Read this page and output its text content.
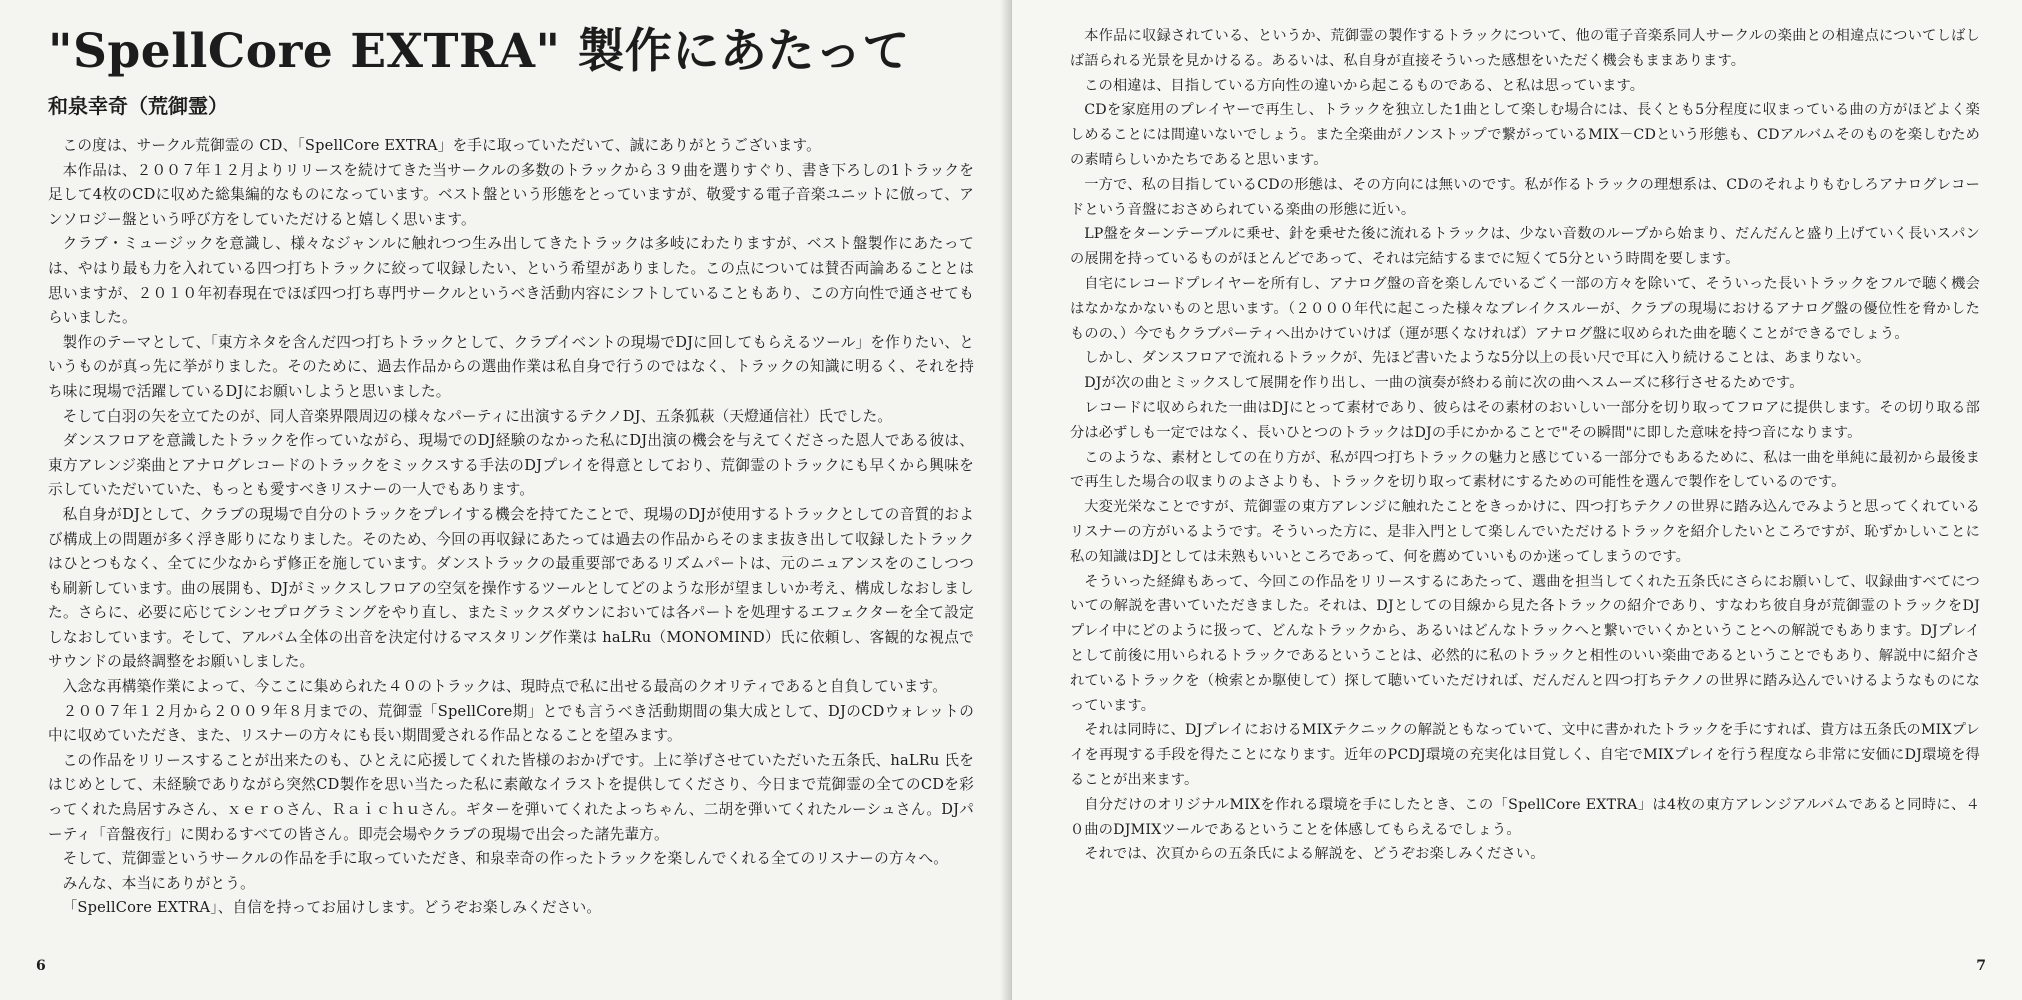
"SpellCore EXTRA" 製作にあたって
和泉幸奇（荒御霊）

この度は、サークル荒御霊の CD、「SpellCore EXTRA」を手に取っていただいて、誠にありがとうございます。

本作品は、２００７年１２月よりリリースを続けてきた当サークルの多数のトラックから３９曲を選りすぐり、書き下ろしの1トラックを足して4枚のCDに収めた総集編的なものになっています。ベスト盤という形態をとっていますが、敬愛する電子音楽ユニットに倣って、アンソロジー盤という呼び方をしていただけると嬉しく思います。

クラブ・ミュージックを意識し、様々なジャンルに触れつつ生み出してきたトラックは多岐にわたりますが、ベスト盤製作にあたっては、やはり最も力を入れている四つ打ちトラックに絞って収録したい、という希望がありました。この点については賛否両論あることとは思いますが、２０１０年初春現在でほぼ四つ打ち専門サークルというべき活動内容にシフトしていることもあり、この方向性で通させてもらいました。

製作のテーマとして、「東方ネタを含んだ四つ打ちトラックとして、クラブイベントの現場でDJに回してもらえるツール」を作りたい、というものが真っ先に挙がりました。そのために、過去作品からの選曲作業は私自身で行うのではなく、トラックの知識に明るく、それを持ち味に現場で活躍しているDJにお願いしようと思いました。

そして白羽の矢を立てたのが、同人音楽界隈周辺の様々なパーティに出演するテクノDJ、五条狐萩（天燈通信社）氏でした。

ダンスフロアを意識したトラックを作っていながら、現場でのDJ経験のなかった私にDJ出演の機会を与えてくださった恩人である彼は、東方アレンジ楽曲とアナログレコードのトラックをミックスする手法のDJプレイを得意としており、荒御霊のトラックにも早くから興味を示していただいていた、もっとも愛すべきリスナーの一人でもあります。

私自身がDJとして、クラブの現場で自分のトラックをプレイする機会を持てたことで、現場のDJが使用するトラックとしての音質的および構成上の問題が多く浮き彫りになりました。そのため、今回の再収録にあたっては過去の作品からそのまま抜き出して収録したトラックはひとつもなく、全てに少なからず修正を施しています。ダンストラックの最重要部であるリズムパートは、元のニュアンスをのこしつつも刷新しています。曲の展開も、DJがミックスしフロアの空気を操作するツールとしてどのような形が望ましいか考え、構成しなおしました。さらに、必要に応じてシンセプログラミングをやり直し、またミックスダウンにおいては各パートを処理するエフェクターを全て設定しなおしています。そして、アルバム全体の出音を決定付けるマスタリング作業は haLRu（MONOMIND）氏に依頼し、客観的な視点でサウンドの最終調整をお願いしました。

入念な再構築作業によって、今ここに集められた４０のトラックは、現時点で私に出せる最高のクオリティであると自負しています。

２００７年１２月から２００９年８月までの、荒御霊「SpellCore期」とでも言うべき活動期間の集大成として、DJのCDウォレットの中に収めていただき、また、リスナーの方々にも長い期間愛される作品となることを望みます。

この作品をリリースすることが出来たのも、ひとえに応援してくれた皆様のおかげです。上に挙げさせていただいた五条氏、haLRu 氏をはじめとして、未経験でありながら突然CD製作を思い当たった私に素敵なイラストを提供してくださり、今日まで荒御霊の全てのCDを彩ってくれた鳥居すみさん、ｘｅｒｏさん、Ｒａｉｃｈｕさん。ギターを弾いてくれたよっちゃん、二胡を弾いてくれたルーシュさん。DJパーティ「音盤夜行」に関わるすべての皆さん。即売会場やクラブの現場で出会った諸先輩方。

そして、荒御霊というサークルの作品を手に取っていただき、和泉幸奇の作ったトラックを楽しんでくれる全てのリスナーの方々へ。

みんな、本当にありがとう。

「SpellCore EXTRA」、自信を持ってお届けします。どうぞお楽しみください。

6

本作品に収録されている、というか、荒御霊の製作するトラックについて、他の電子音楽系同人サークルの楽曲との相違点についてしばしば語られる光景を見かけるる。あるいは、私自身が直接そういった感想をいただく機会もままあります。

この相違は、目指している方向性の違いから起こるものである、と私は思っています。

CDを家庭用のプレイヤーで再生し、トラックを独立した1曲として楽しむ場合には、長くとも5分程度に収まっている曲の方がほどよく楽しめることには間違いないでしょう。また全楽曲がノンストップで繋がっているMIX－CDという形態も、CDアルバムそのものを楽しむための素晴らしいかたちであると思います。

一方で、私の目指しているCDの形態は、その方向には無いのです。私が作るトラックの理想系は、CDのそれよりもむしろアナログレコードという音盤におさめられている楽曲の形態に近い。

LP盤をターンテーブルに乗せ、針を乗せた後に流れるトラックは、少ない音数のループから始まり、だんだんと盛り上げていく長いスパンの展開を持っているものがほとんどであって、それは完結するまでに短くて5分という時間を要します。

自宅にレコードプレイヤーを所有し、アナログ盤の音を楽しんでいるごく一部の方々を除いて、そういった長いトラックをフルで聴く機会はなかなかないものと思います。（２０００年代に起こった様々なブレイクスルーが、クラブの現場におけるアナログ盤の優位性を脅かしたものの、）今でもクラブパーティへ出かけていけば（運が悪くなければ）アナログ盤に収められた曲を聴くことができるでしょう。

しかし、ダンスフロアで流れるトラックが、先ほど書いたような5分以上の長い尺で耳に入り続けることは、あまりない。

DJが次の曲とミックスして展開を作り出し、一曲の演奏が終わる前に次の曲へスムーズに移行させるためです。

レコードに収められた一曲はDJにとって素材であり、彼らはその素材のおいしい一部分を切り取ってフロアに提供します。その切り取る部分は必ずしも一定ではなく、長いひとつのトラックはDJの手にかかることで"その瞬間"に即した意味を持つ音になります。

このような、素材としての在り方が、私が四つ打ちトラックの魅力と感じている一部分でもあるために、私は一曲を単純に最初から最後まで再生した場合の収まりのよさよりも、トラックを切り取って素材にするための可能性を選んで製作をしているのです。

大変光栄なことですが、荒御霊の東方アレンジに触れたことをきっかけに、四つ打ちテクノの世界に踏み込んでみようと思ってくれているリスナーの方がいるようです。そういった方に、是非入門として楽しんでいただけるトラックを紹介したいところですが、恥ずかしいことに私の知識はDJとしては未熟もいいところであって、何を薦めていいものか迷ってしまうのです。

そういった経緯もあって、今回この作品をリリースするにあたって、選曲を担当してくれた五条氏にさらにお願いして、収録曲すべてについての解説を書いていただきました。それは、DJとしての目線から見た各トラックの紹介であり、すなわち彼自身が荒御霊のトラックをDJプレイ中にどのように扱って、どんなトラックから、あるいはどんなトラックへと繋いでいくかということへの解説でもあります。DJプレイとして前後に用いられるトラックであるということは、必然的に私のトラックと相性のいい楽曲であるということでもあり、解説中に紹介されているトラックを（検索とか駆使して）探して聴いていただければ、だんだんと四つ打ちテクノの世界に踏み込んでいけるようなものになっています。

それは同時に、DJプレイにおけるMIXテクニックの解説ともなっていて、文中に書かれたトラックを手にすれば、貴方は五条氏のMIXプレイを再現する手段を得たことになります。近年のPCDJ環境の充実化は目覚しく、自宅でMIXプレイを行う程度なら非常に安価にDJ環境を得ることが出来ます。

自分だけのオリジナルMIXを作れる環境を手にしたとき、この「SpellCore EXTRA」は4枚の東方アレンジアルバムであると同時に、４０曲のDJMIXツールであるということを体感してもらえるでしょう。

それでは、次頁からの五条氏による解説を、どうぞお楽しみください。

7
